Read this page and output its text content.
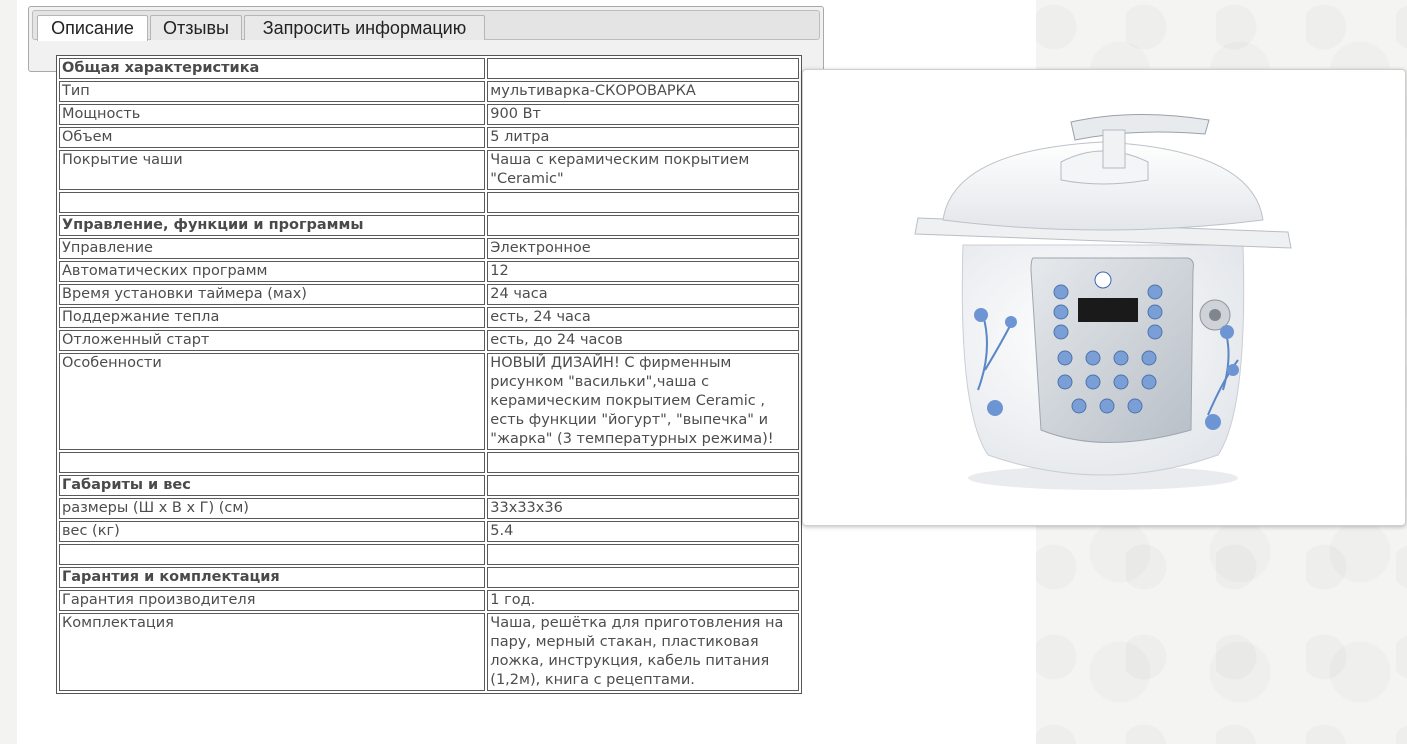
Описание	Отзывы	Запросить информацию
Общая характеристика	
Тип	мультиварка-СКОРОВАРКА
Мощность	900 Вт
Объем	5 литра
Покрытие чаши	Чаша с керамическим покрытием "Ceramic"

Управление, функции и программы	
Управление	Электронное
Автоматических программ	12
Время установки таймера (мах)	24 часа
Поддержание тепла	есть, 24 часа
Отложенный старт	есть, до 24 часов
Особенности	НОВЫЙ ДИЗАЙН! С фирменным рисунком "васильки",чаша с керамическим покрытием Ceramic , есть функции "йогурт", "выпечка" и "жарка" (3 температурных режима)!

Габариты и вес	
размеры (Ш х В х Г) (см)	33х33х36
вес (кг)	5.4

Гарантия и комплектация	
Гарантия производителя	1 год.
Комплектация	Чаша, решётка для приготовления на пару, мерный стакан, пластиковая ложка, инструкция, кабель питания (1,2м), книга с рецептами.
